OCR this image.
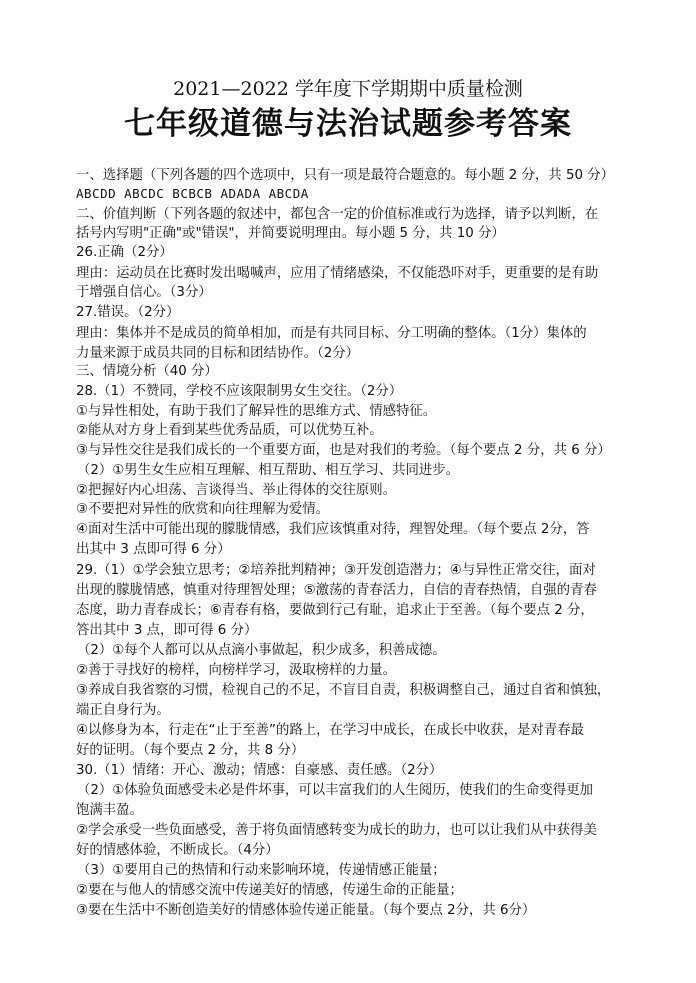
2021—2022 学年度下学期期中质量检测
七年级道德与法治试题参考答案
一、选择题（下列各题的四个选项中，只有一项是最符合题意的。每小题 2 分，共 50 分）
ABCDD ABCDC BCBCB ADADA ABCDA
二、价值判断（下列各题的叙述中，都包含一定的价值标准或行为选择，请予以判断，在
括号内写明"正确"或"错误"，并简要说明理由。每小题 5 分，共 10 分）
26.正确（2分）
理由：运动员在比赛时发出喝喊声，应用了情绪感染，不仅能恐吓对手，更重要的是有助
于增强自信心。（3分）
27.错误。（2分）
理由：集体并不是成员的简单相加，而是有共同目标、分工明确的整体。（1分）集体的
力量来源于成员共同的目标和团结协作。（2分）
三、情境分析（40 分）
28.（1）不赞同，学校不应该限制男女生交往。（2分）
①与异性相处，有助于我们了解异性的思维方式、情感特征。
②能从对方身上看到某些优秀品质，可以优势互补。
③与异性交往是我们成长的一个重要方面，也是对我们的考验。（每个要点 2 分，共 6 分）
（2）①男生女生应相互理解、相互帮助、相互学习、共同进步。
②把握好内心坦荡、言谈得当、举止得体的交往原则。
③不要把对异性的欣赏和向往理解为爱情。
④面对生活中可能出现的朦胧情感，我们应该慎重对待，理智处理。（每个要点 2分，答
出其中 3 点即可得 6 分）
29.（1）①学会独立思考；②培养批判精神；③开发创造潜力；④与异性正常交往，面对
出现的朦胧情感，慎重对待理智处理；⑤激荡的青春活力，自信的青春热情，自强的青春
态度，助力青春成长；⑥青春有格，要做到行己有耻，追求止于至善。（每个要点 2 分，
答出其中 3 点，即可得 6 分）
（2）①每个人都可以从点滴小事做起，积少成多，积善成德。
②善于寻找好的榜样，向榜样学习，汲取榜样的力量。
③养成自我省察的习惯，检视自己的不足，不盲目自责，积极调整自己，通过自省和慎独，
端正自身行为。
④以修身为本，行走在“止于至善”的路上，在学习中成长，在成长中收获，是对青春最
好的证明。（每个要点 2 分，共 8 分）
30.（1）情绪：开心、激动；情感：自豪感、责任感。（2分）
（2）①体验负面感受未必是件坏事，可以丰富我们的人生阅历，使我们的生命变得更加
饱满丰盈。
②学会承受一些负面感受，善于将负面情感转变为成长的助力，也可以让我们从中获得美
好的情感体验，不断成长。（4分）
（3）①要用自己的热情和行动来影响环境，传递情感正能量；
②要在与他人的情感交流中传递美好的情感，传递生命的正能量；
③要在生活中不断创造美好的情感体验传递正能量。（每个要点 2分，共 6分）
